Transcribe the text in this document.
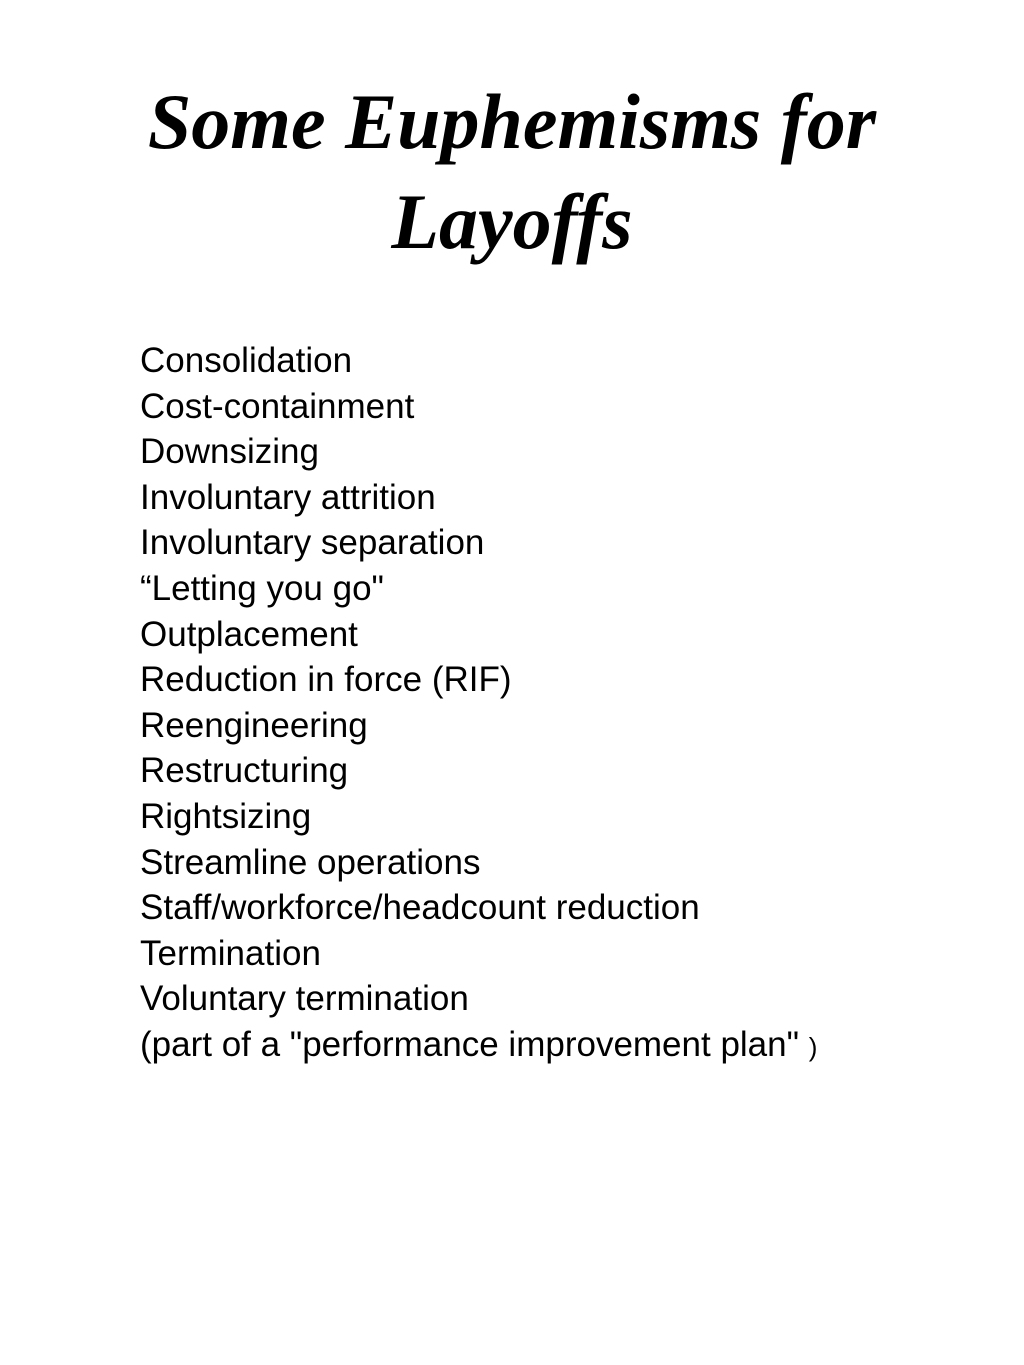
Some Euphemisms for
Layoffs
Consolidation
Cost-containment
Downsizing
Involuntary attrition
Involuntary separation
“Letting you go"
Outplacement
Reduction in force (RIF)
Reengineering
Restructuring
Rightsizing
Streamline operations
Staff/workforce/headcount reduction
Termination
Voluntary termination
(part of a "performance improvement plan" )
